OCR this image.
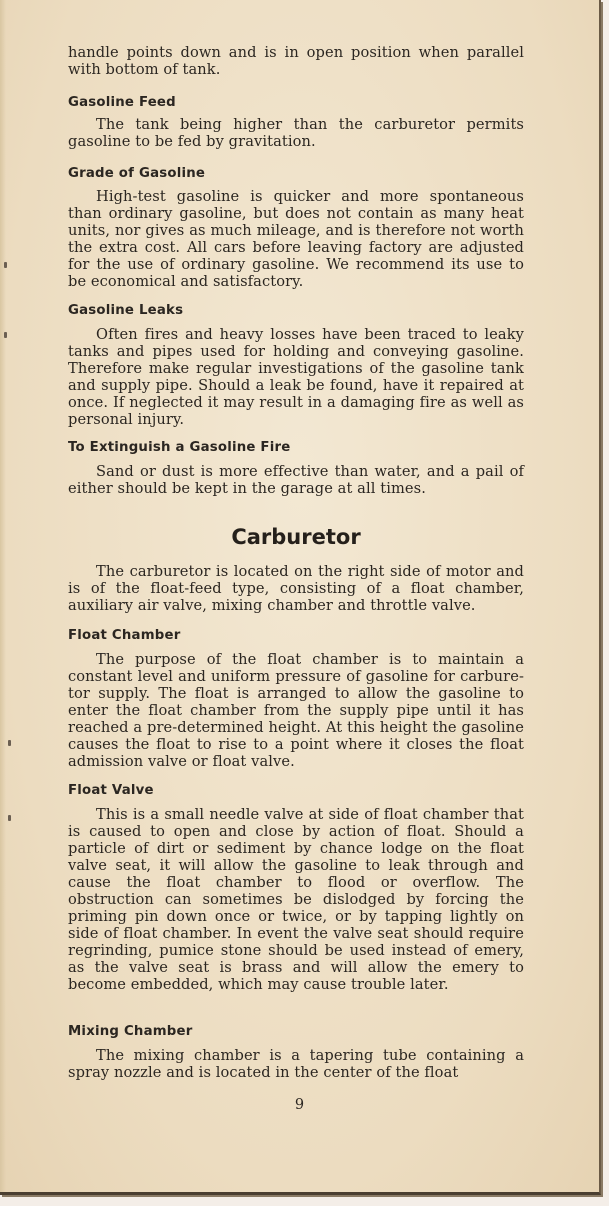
handle points down and is in open position when parallel with bottom of tank.

Gasoline Feed

The tank being higher than the carburetor permits gasoline to be fed by gravitation.

Grade of Gasoline

High-test gasoline is quicker and more spontaneous than ordinary gasoline, but does not contain as many heat units, nor gives as much mileage, and is therefore not worth the extra cost. All cars before leaving factory are adjusted for the use of ordinary gasoline. We recommend its use to be economical and satisfactory.

Gasoline Leaks

Often fires and heavy losses have been traced to leaky tanks and pipes used for holding and conveying gasoline. Therefore make regular investigations of the gasoline tank and supply pipe. Should a leak be found, have it repaired at once. If neglected it may result in a damaging fire as well as personal injury.

To Extinguish a Gasoline Fire

Sand or dust is more effective than water, and a pail of either should be kept in the garage at all times.

Carburetor

The carburetor is located on the right side of motor and is of the float-feed type, consisting of a float chamber, auxiliary air valve, mixing chamber and throttle valve.

Float Chamber

The purpose of the float chamber is to maintain a constant level and uniform pressure of gasoline for carbure-tor supply. The float is arranged to allow the gasoline to enter the float chamber from the supply pipe until it has reached a pre-determined height. At this height the gasoline causes the float to rise to a point where it closes the float admission valve or float valve.

Float Valve

This is a small needle valve at side of float chamber that is caused to open and close by action of float. Should a particle of dirt or sediment by chance lodge on the float valve seat, it will allow the gasoline to leak through and cause the float chamber to flood or overflow. The obstruction can sometimes be dislodged by forcing the priming pin down once or twice, or by tapping lightly on side of float chamber. In event the valve seat should require regrinding, pumice stone should be used instead of emery, as the valve seat is brass and will allow the emery to become embedded, which may cause trouble later.

Mixing Chamber

The mixing chamber is a tapering tube containing a spray nozzle and is located in the center of the float

9
